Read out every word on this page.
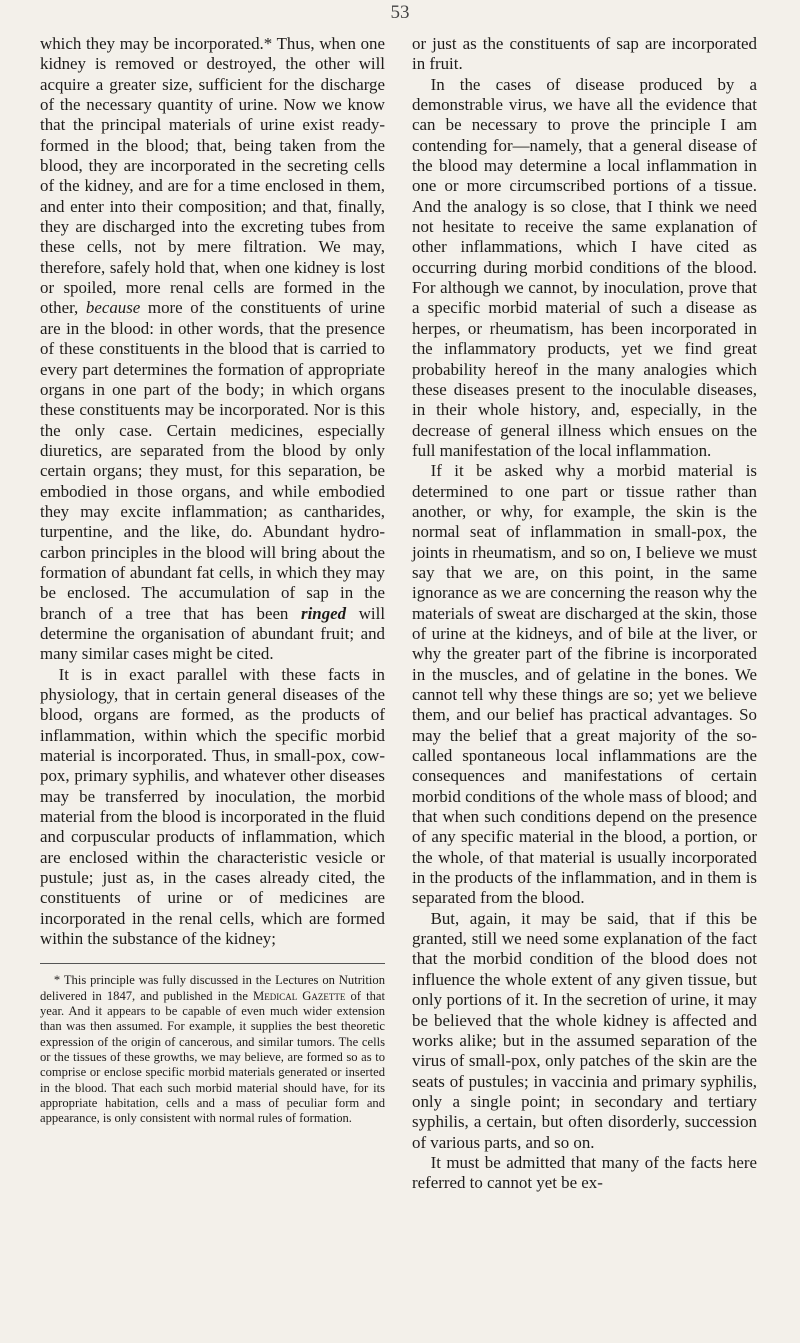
53

which they may be incorporated.* Thus, when one kidney is removed or destroyed, the other will acquire a greater size, sufficient for the discharge of the necessary quantity of urine. Now we know that the principal materials of urine exist ready-formed in the blood; that, being taken from the blood, they are incorporated in the secreting cells of the kidney, and are for a time enclosed in them, and enter into their composition; and that, finally, they are discharged into the excreting tubes from these cells, not by mere filtration. We may, therefore, safely hold that, when one kidney is lost or spoiled, more renal cells are formed in the other, because more of the constituents of urine are in the blood: in other words, that the presence of these constituents in the blood that is carried to every part determines the formation of appropriate organs in one part of the body; in which organs these constituents may be incorporated. Nor is this the only case. Certain medicines, especially diuretics, are separated from the blood by only certain organs; they must, for this separation, be embodied in those organs, and while embodied they may excite inflammation; as cantharides, turpentine, and the like, do. Abundant hydro-carbon principles in the blood will bring about the formation of abundant fat cells, in which they may be enclosed. The accumulation of sap in the branch of a tree that has been ringed will determine the organisation of abundant fruit; and many similar cases might be cited.

It is in exact parallel with these facts in physiology, that in certain general diseases of the blood, organs are formed, as the products of inflammation, within which the specific morbid material is incorporated. Thus, in small-pox, cow-pox, primary syphilis, and whatever other diseases may be transferred by inoculation, the morbid material from the blood is incorporated in the fluid and corpuscular products of inflammation, which are enclosed within the characteristic vesicle or pustule; just as, in the cases already cited, the constituents of urine or of medicines are incorporated in the renal cells, which are formed within the substance of the kidney;

* This principle was fully discussed in the Lectures on Nutrition delivered in 1847, and published in the Medical Gazette of that year. And it appears to be capable of even much wider extension than was then assumed. For example, it supplies the best theoretic expression of the origin of cancerous, and similar tumors. The cells or the tissues of these growths, we may believe, are formed so as to comprise or enclose specific morbid materials generated or inserted in the blood. That each such morbid material should have, for its appropriate habitation, cells and a mass of peculiar form and appearance, is only consistent with normal rules of formation.

or just as the constituents of sap are incorporated in fruit.

In the cases of disease produced by a demonstrable virus, we have all the evidence that can be necessary to prove the principle I am contending for—namely, that a general disease of the blood may determine a local inflammation in one or more circumscribed portions of a tissue. And the analogy is so close, that I think we need not hesitate to receive the same explanation of other inflammations, which I have cited as occurring during morbid conditions of the blood. For although we cannot, by inoculation, prove that a specific morbid material of such a disease as herpes, or rheumatism, has been incorporated in the inflammatory products, yet we find great probability hereof in the many analogies which these diseases present to the inoculable diseases, in their whole history, and, especially, in the decrease of general illness which ensues on the full manifestation of the local inflammation.

If it be asked why a morbid material is determined to one part or tissue rather than another, or why, for example, the skin is the normal seat of inflammation in small-pox, the joints in rheumatism, and so on, I believe we must say that we are, on this point, in the same ignorance as we are concerning the reason why the materials of sweat are discharged at the skin, those of urine at the kidneys, and of bile at the liver, or why the greater part of the fibrine is incorporated in the muscles, and of gelatine in the bones. We cannot tell why these things are so; yet we believe them, and our belief has practical advantages. So may the belief that a great majority of the so-called spontaneous local inflammations are the consequences and manifestations of certain morbid conditions of the whole mass of blood; and that when such conditions depend on the presence of any specific material in the blood, a portion, or the whole, of that material is usually incorporated in the products of the inflammation, and in them is separated from the blood.

But, again, it may be said, that if this be granted, still we need some explanation of the fact that the morbid condition of the blood does not influence the whole extent of any given tissue, but only portions of it. In the secretion of urine, it may be believed that the whole kidney is affected and works alike; but in the assumed separation of the virus of small-pox, only patches of the skin are the seats of pustules; in vaccinia and primary syphilis, only a single point; in secondary and tertiary syphilis, a certain, but often disorderly, succession of various parts, and so on.

It must be admitted that many of the facts here referred to cannot yet be ex-
